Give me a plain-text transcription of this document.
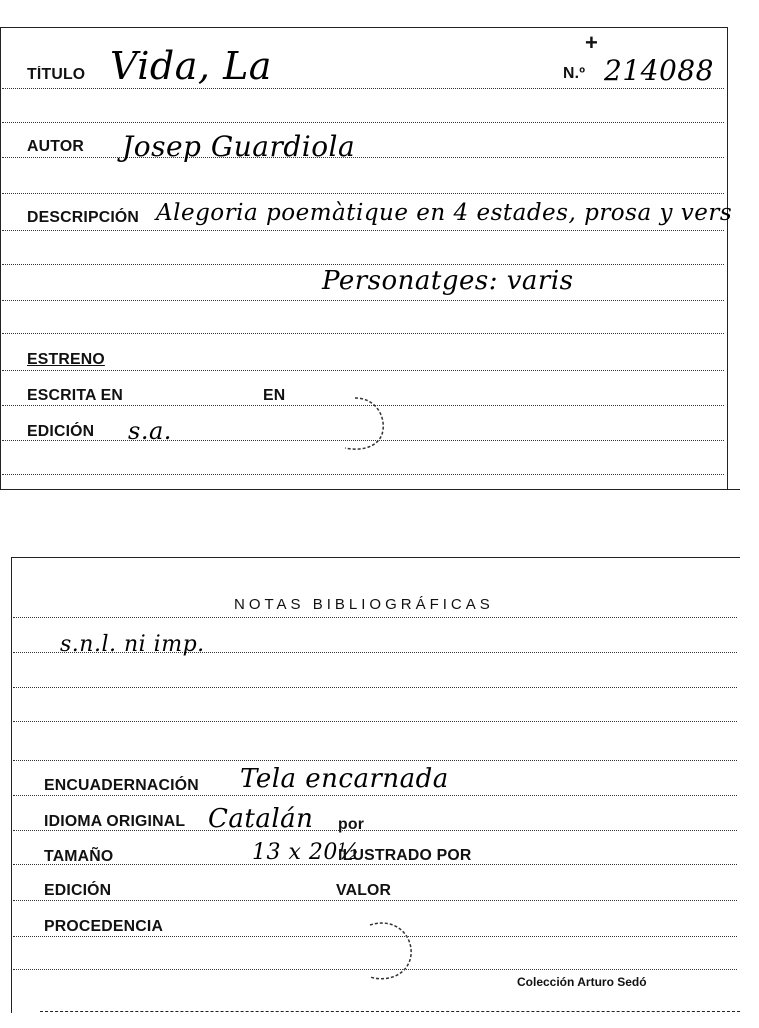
TÍTULO Vida, La
+
N.º 214088
AUTOR Josep Guardiola
DESCRIPCIÓN Alegoria poemàtique en 4 estades, prosa y vers
Personatges: varis
ESTRENO
ESCRITA EN	EN
EDICIÓN s.a.
NOTAS BIBLIOGRÁFICAS
s.n.l. ni imp.
ENCUADERNACIÓN Tela encarnada
IDIOMA ORIGINAL Catalán por
TAMAÑO	13 x 20½
ILUSTRADO POR
EDICIÓN	VALOR
PROCEDENCIA
Colección Arturo Sedó
